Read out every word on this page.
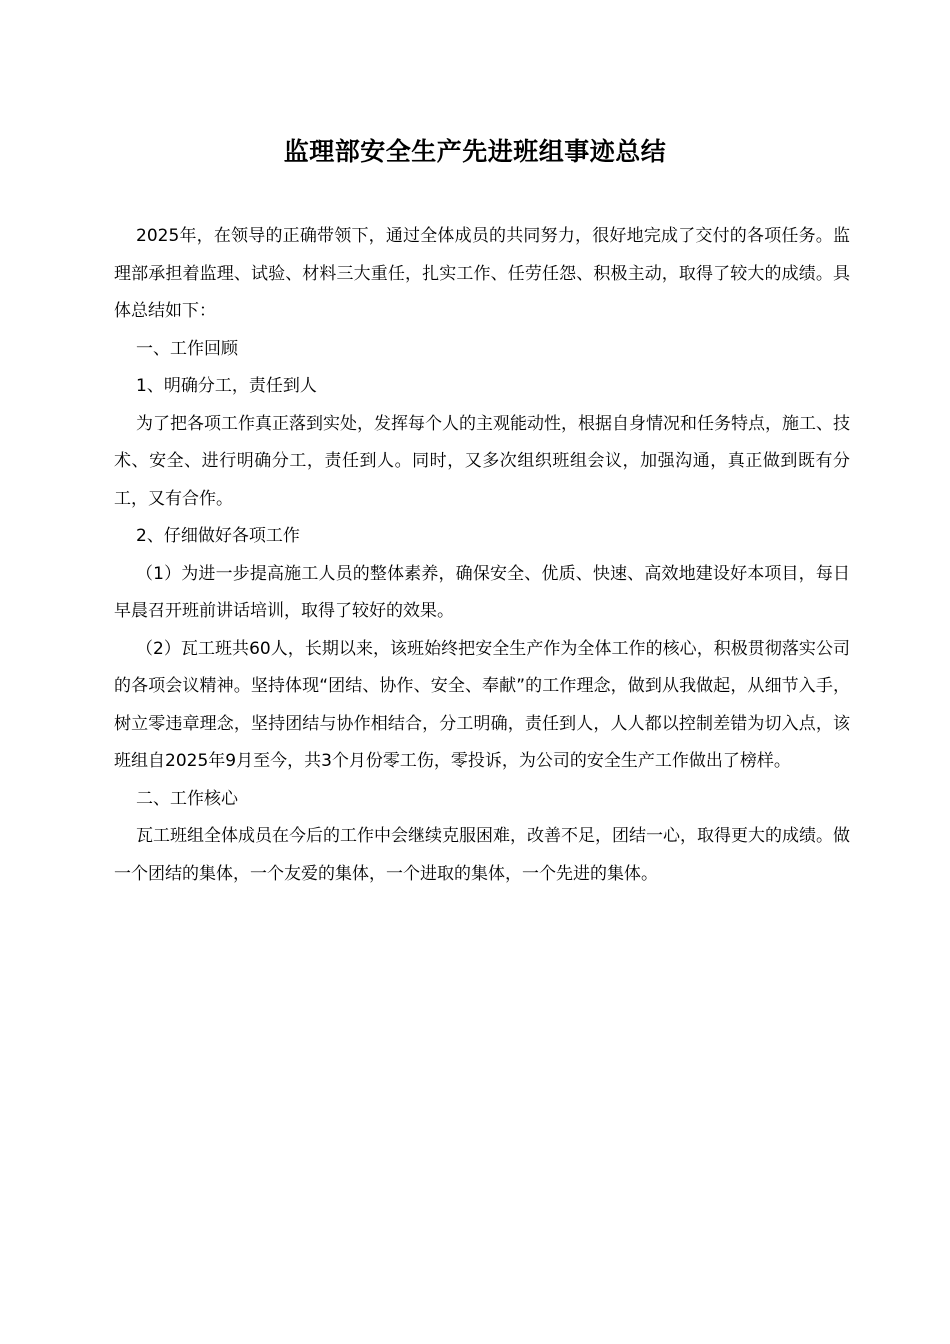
监理部安全生产先进班组事迹总结

2025年，在领导的正确带领下，通过全体成员的共同努力，很好地完成了交付的各项任务。监理部承担着监理、试验、材料三大重任，扎实工作、任劳任怨、积极主动，取得了较大的成绩。具体总结如下：

一、工作回顾

1、明确分工，责任到人

为了把各项工作真正落到实处，发挥每个人的主观能动性，根据自身情况和任务特点，施工、技术、安全、进行明确分工，责任到人。同时，又多次组织班组会议，加强沟通，真正做到既有分工，又有合作。

2、仔细做好各项工作

（1）为进一步提高施工人员的整体素养，确保安全、优质、快速、高效地建设好本项目，每日早晨召开班前讲话培训，取得了较好的效果。

（2）瓦工班共60人，长期以来，该班始终把安全生产作为全体工作的核心，积极贯彻落实公司的各项会议精神。坚持体现“团结、协作、安全、奉献”的工作理念，做到从我做起，从细节入手，树立零违章理念，坚持团结与协作相结合，分工明确，责任到人，人人都以控制差错为切入点，该班组自2025年9月至今，共3个月份零工伤，零投诉，为公司的安全生产工作做出了榜样。

二、工作核心

瓦工班组全体成员在今后的工作中会继续克服困难，改善不足，团结一心，取得更大的成绩。做一个团结的集体，一个友爱的集体，一个进取的集体，一个先进的集体。
